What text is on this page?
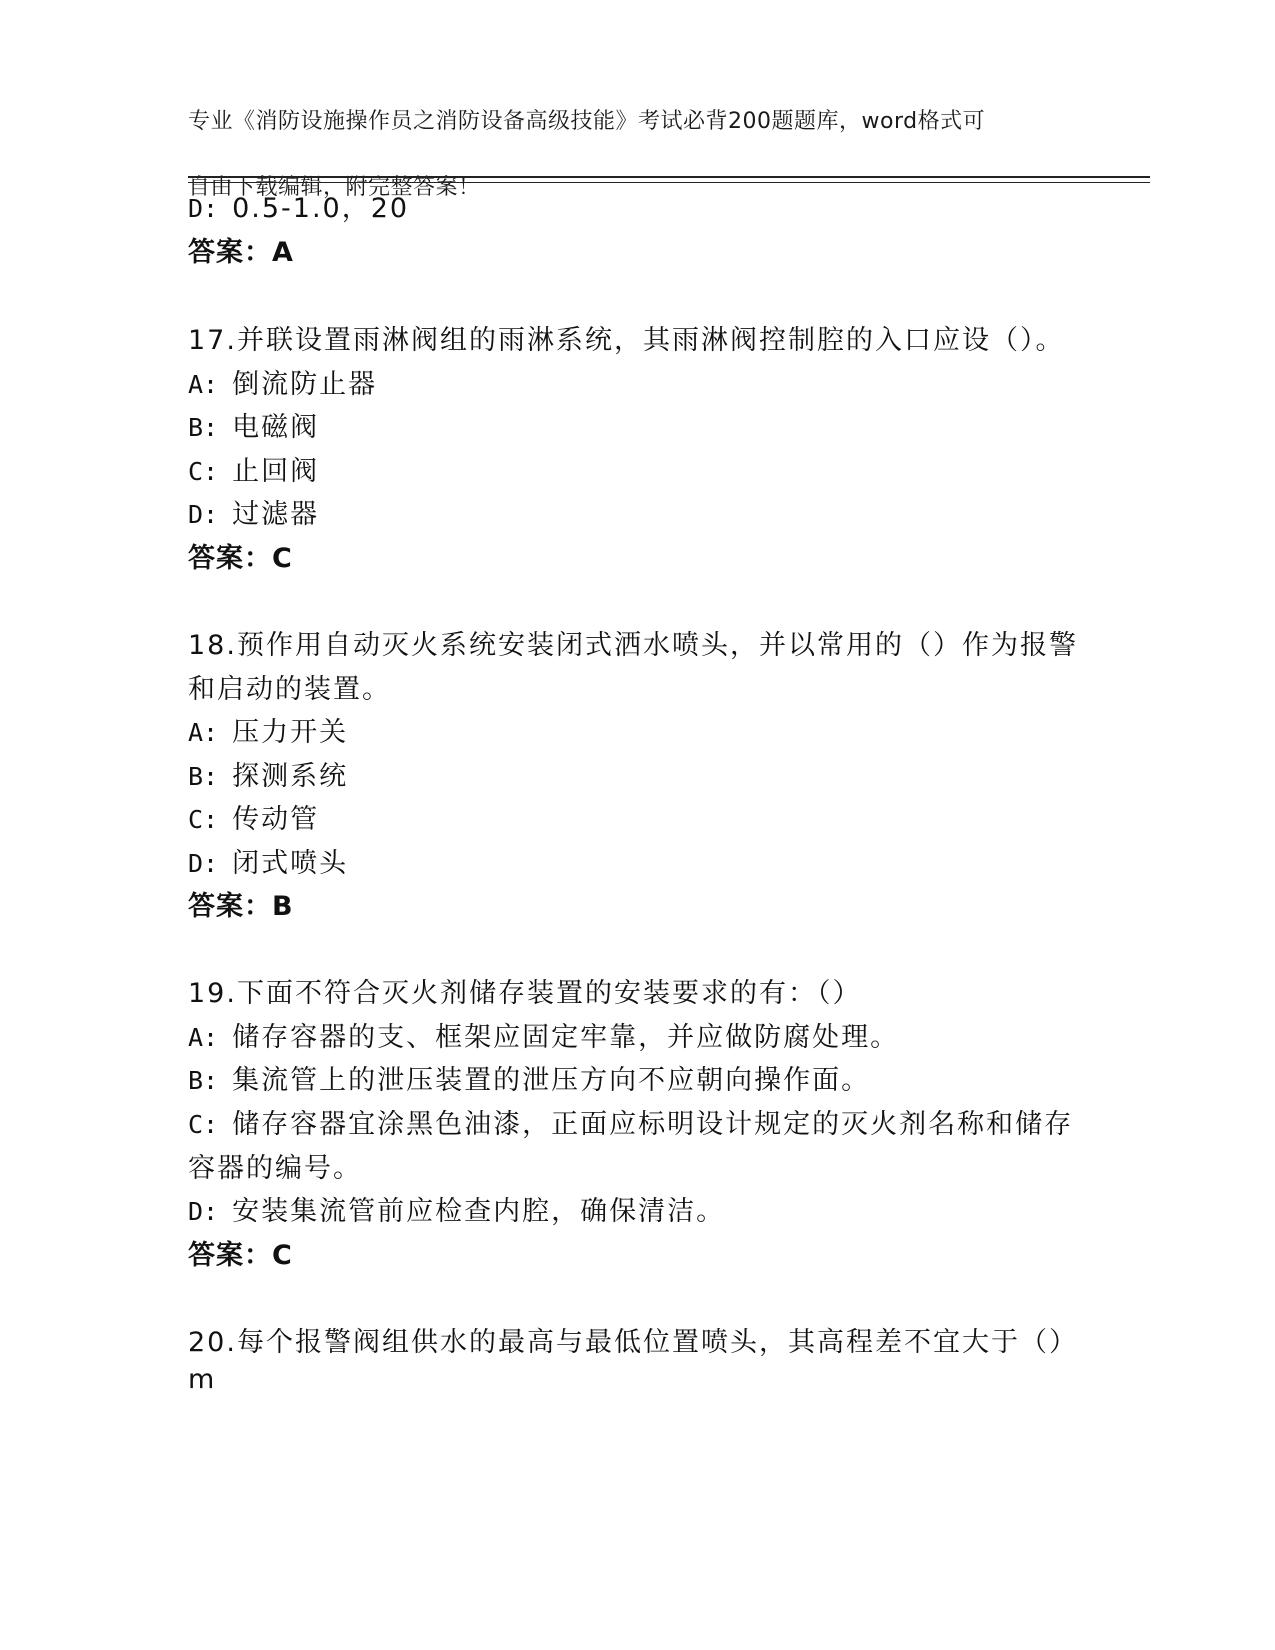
专业《消防设施操作员之消防设备高级技能》考试必背200题题库，word格式可

自由下载编辑，附完整答案！

D: 0.5-1.0，20
答案：A
17.并联设置雨淋阀组的雨淋系统，其雨淋阀控制腔的入口应设（）。
A: 倒流防止器
B: 电磁阀
C: 止回阀
D: 过滤器
答案：C
18.预作用自动灭火系统安装闭式洒水喷头，并以常用的（）作为报警
和启动的装置。
A: 压力开关
B: 探测系统
C: 传动管
D: 闭式喷头
答案：B
19.下面不符合灭火剂储存装置的安装要求的有：（）
A: 储存容器的支、框架应固定牢靠，并应做防腐处理。
B: 集流管上的泄压装置的泄压方向不应朝向操作面。
C: 储存容器宜涂黑色油漆，正面应标明设计规定的灭火剂名称和储存
容器的编号。
D: 安装集流管前应检查内腔，确保清洁。
答案：C
20.每个报警阀组供水的最高与最低位置喷头，其高程差不宜大于（）
m
